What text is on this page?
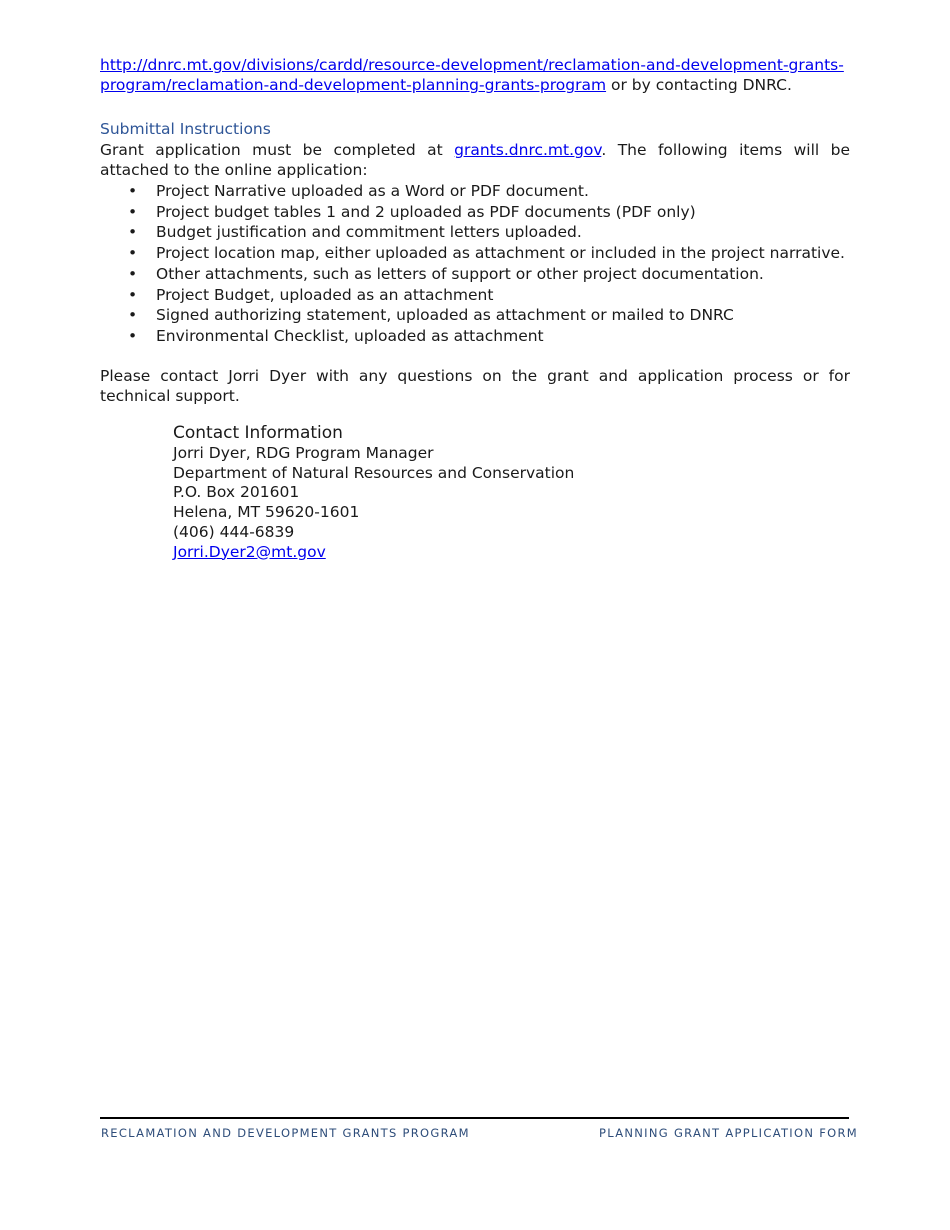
http://dnrc.mt.gov/divisions/cardd/resource-development/reclamation-and-development-grants-program/reclamation-and-development-planning-grants-program or by contacting DNRC.

Submittal Instructions

Grant application must be completed at grants.dnrc.mt.gov. The following items will be attached to the online application:

• Project Narrative uploaded as a Word or PDF document.
• Project budget tables 1 and 2 uploaded as PDF documents (PDF only)
• Budget justification and commitment letters uploaded.
• Project location map, either uploaded as attachment or included in the project narrative.
• Other attachments, such as letters of support or other project documentation.
• Project Budget, uploaded as an attachment
• Signed authorizing statement, uploaded as attachment or mailed to DNRC
• Environmental Checklist, uploaded as attachment

Please contact Jorri Dyer with any questions on the grant and application process or for technical support.

Contact Information
Jorri Dyer, RDG Program Manager
Department of Natural Resources and Conservation
P.O. Box 201601
Helena, MT 59620-1601
(406) 444-6839
Jorri.Dyer2@mt.gov
RECLAMATION AND DEVELOPMENT GRANTS PROGRAM	PLANNING GRANT APPLICATION FORM
